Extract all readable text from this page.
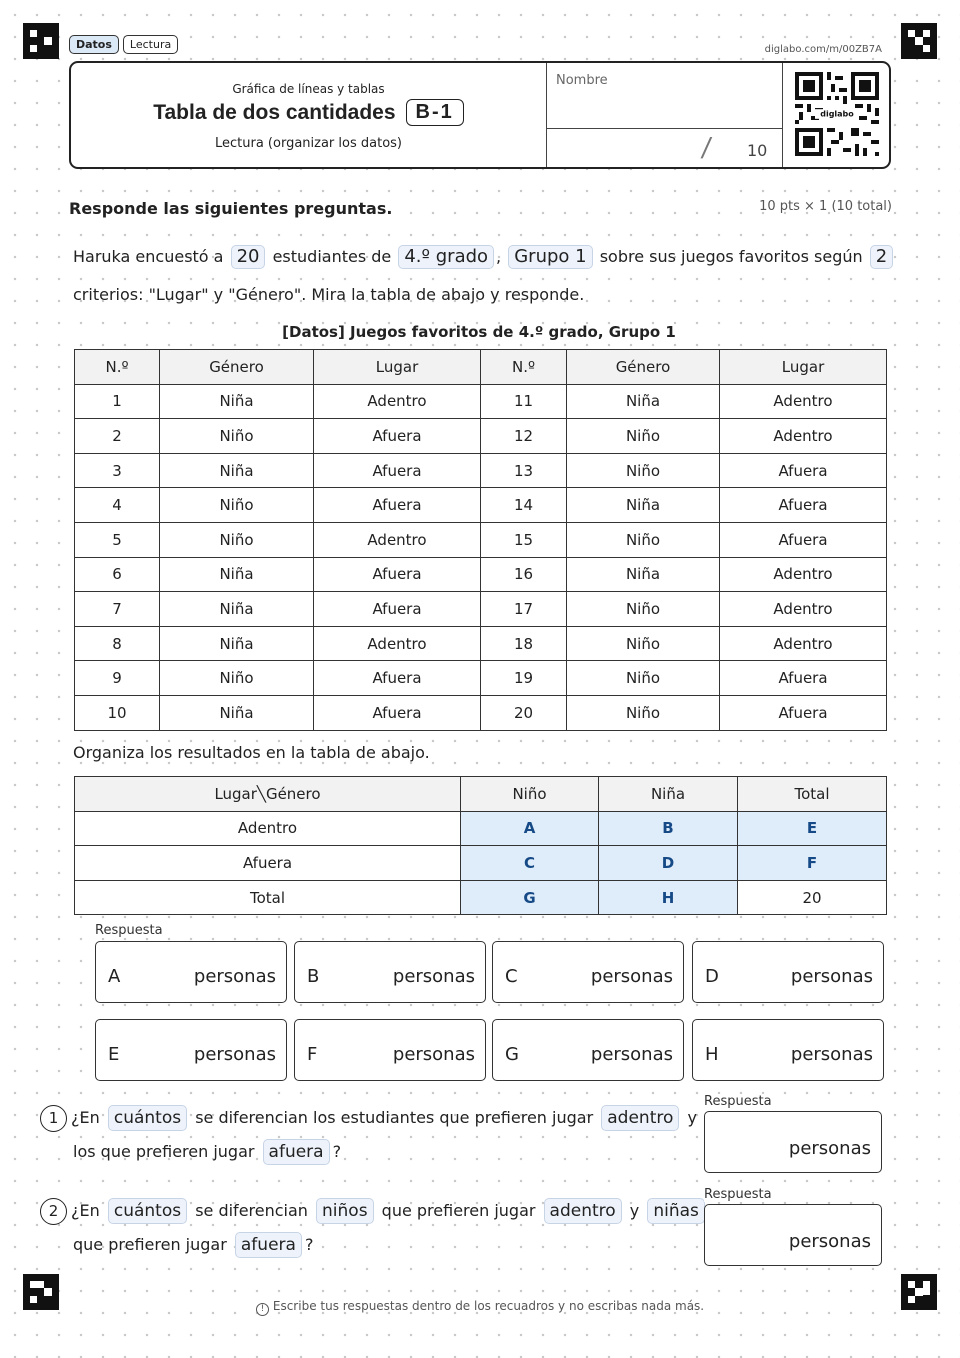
Datos	Lectura	diglabo.com/m/00ZB7A
Gráfica de líneas y tablas
Tabla de dos cantidades	B-1
Lectura (organizar los datos)
Nombre
/ 10
diglabo
Responde las siguientes preguntas.	10 pts × 1 (10 total)
Haruka encuestó a 20 estudiantes de 4.º grado , Grupo 1 sobre sus juegos favoritos según 2
criterios: "Lugar" y "Género". Mira la tabla de abajo y responde.
[Datos] Juegos favoritos de 4.º grado, Grupo 1
N.º	Género	Lugar	N.º	Género	Lugar
1	Niña	Adentro	11	Niña	Adentro
2	Niño	Afuera	12	Niño	Adentro
3	Niña	Afuera	13	Niño	Afuera
4	Niño	Afuera	14	Niña	Afuera
5	Niño	Adentro	15	Niño	Afuera
6	Niña	Afuera	16	Niña	Adentro
7	Niña	Afuera	17	Niño	Adentro
8	Niña	Adentro	18	Niño	Adentro
9	Niño	Afuera	19	Niño	Afuera
10	Niña	Afuera	20	Niño	Afuera
Organiza los resultados en la tabla de abajo.
Lugar╲Género	Niño	Niña	Total
Adentro	A	B	E
Afuera	C	D	F
Total	G	H	20
Respuesta
A	personas B	personas C	personas D	personas
E	personas F	personas G	personas H	personas
1 ¿En cuántos se diferencian los estudiantes que prefieren jugar adentro y
los que prefieren jugar afuera ?
Respuesta
personas
2 ¿En cuántos se diferencian niños que prefieren jugar adentro y niñas
que prefieren jugar afuera ?
Respuesta
personas
! Escribe tus respuestas dentro de los recuadros y no escribas nada más.
